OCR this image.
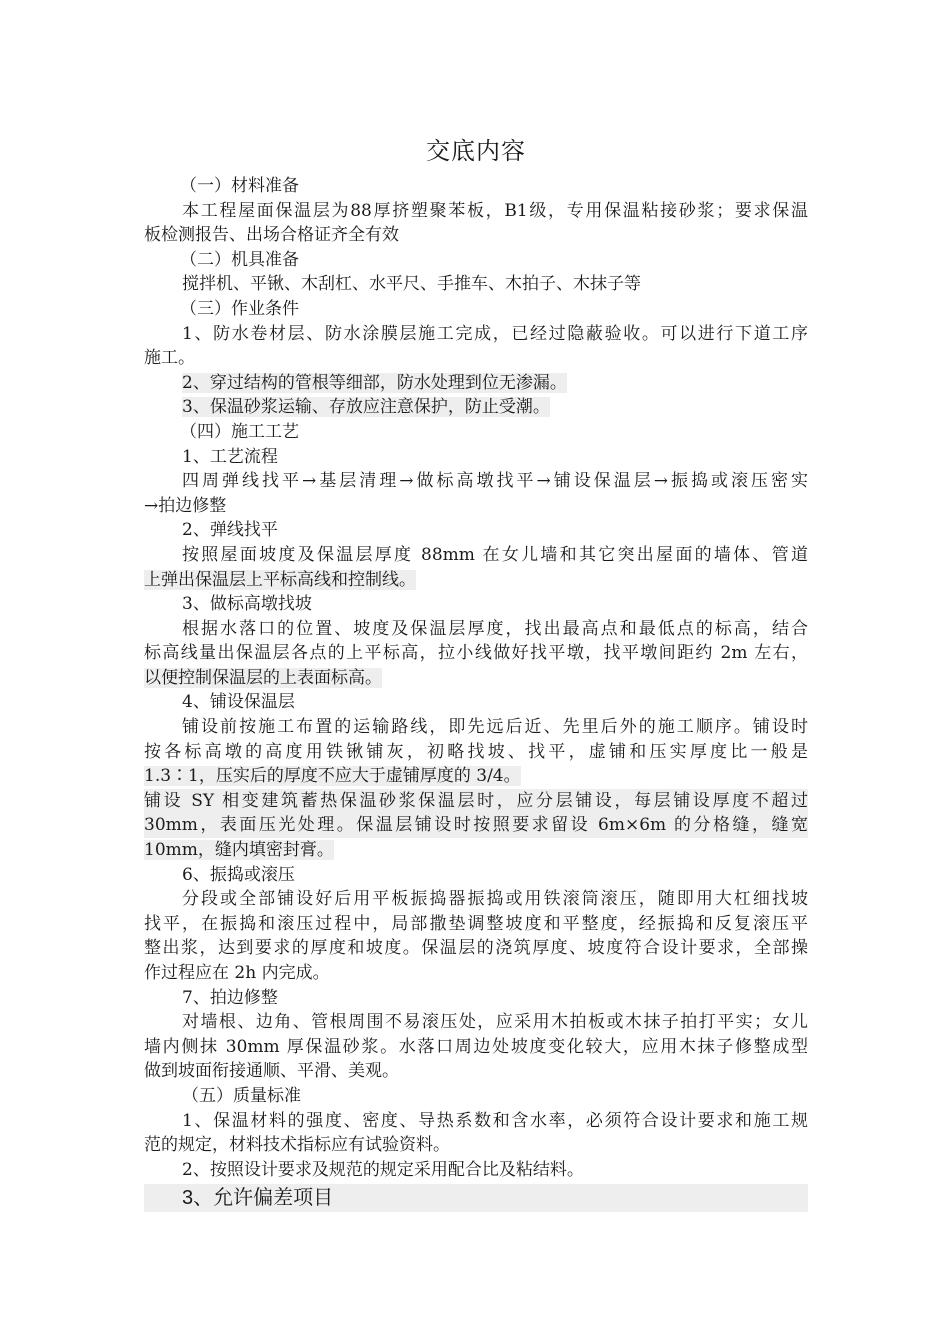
交底内容
（一）材料准备
本工程屋面保温层为88厚挤塑聚苯板，B1级，专用保温粘接砂浆；要求保温
板检测报告、出场合格证齐全有效
（二）机具准备
搅拌机、平锹、木刮杠、水平尺、手推车、木拍子、木抹子等
（三）作业条件
1、防水卷材层、防水涂膜层施工完成，已经过隐蔽验收。可以进行下道工序
施工。
2、穿过结构的管根等细部，防水处理到位无渗漏。
3、保温砂浆运输、存放应注意保护，防止受潮。
（四）施工工艺
1、工艺流程
四周弹线找平→基层清理→做标高墩找平→铺设保温层→振捣或滚压密实
→拍边修整
2、弹线找平
按照屋面坡度及保温层厚度 88mm 在女儿墙和其它突出屋面的墙体、管道
上弹出保温层上平标高线和控制线。
3、做标高墩找坡
根据水落口的位置、坡度及保温层厚度，找出最高点和最低点的标高，结合
标高线量出保温层各点的上平标高，拉小线做好找平墩，找平墩间距约 2m 左右，
以便控制保温层的上表面标高。
4、铺设保温层
铺设前按施工布置的运输路线，即先远后近、先里后外的施工顺序。铺设时
按各标高墩的高度用铁锹铺灰，初略找坡、找平，虚铺和压实厚度比一般是
1.3∶1，压实后的厚度不应大于虚铺厚度的 3/4。
铺设 SY 相变建筑蓄热保温砂浆保温层时，应分层铺设，每层铺设厚度不超过
30mm，表面压光处理。保温层铺设时按照要求留设 6m×6m 的分格缝，缝宽
10mm，缝内填密封膏。
6、振捣或滚压
分段或全部铺设好后用平板振捣器振捣或用铁滚筒滚压，随即用大杠细找坡
找平，在振捣和滚压过程中，局部撒垫调整坡度和平整度，经振捣和反复滚压平
整出浆，达到要求的厚度和坡度。保温层的浇筑厚度、坡度符合设计要求，全部操
作过程应在 2h 内完成。
7、拍边修整
对墙根、边角、管根周围不易滚压处，应采用木拍板或木抹子拍打平实；女儿
墙内侧抹 30mm 厚保温砂浆。水落口周边处坡度变化较大，应用木抹子修整成型
做到坡面衔接通顺、平滑、美观。
（五）质量标准
1、保温材料的强度、密度、导热系数和含水率，必须符合设计要求和施工规
范的规定，材料技术指标应有试验资料。
2、按照设计要求及规范的规定采用配合比及粘结料。
3、允许偏差项目
